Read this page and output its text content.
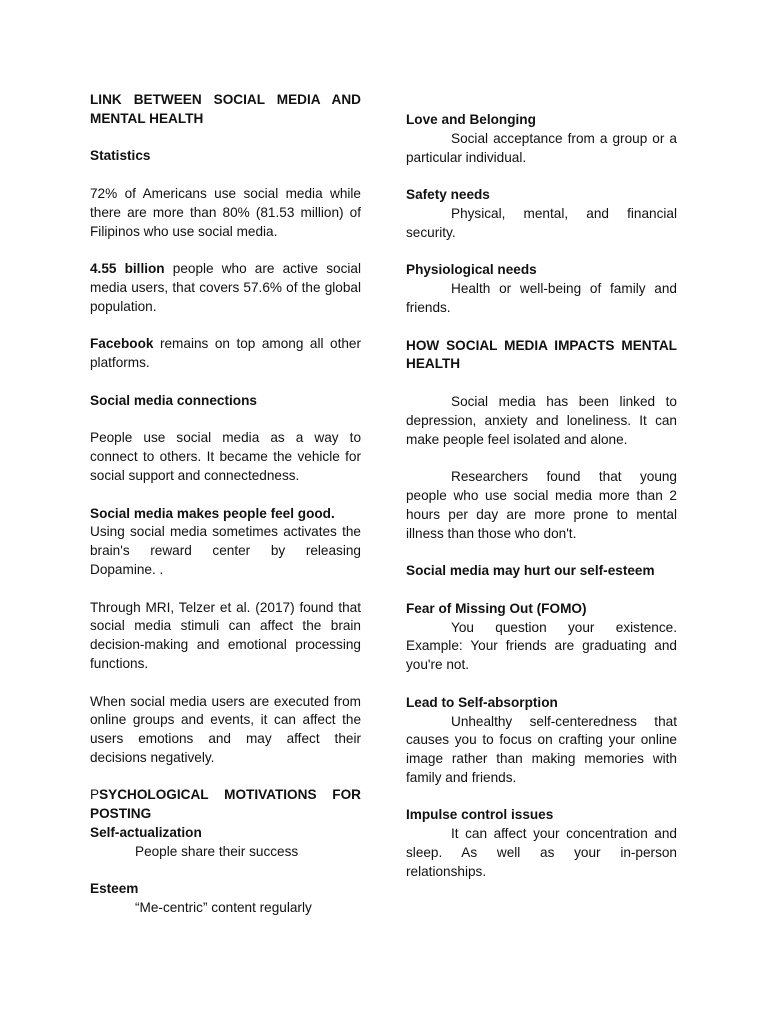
LINK BETWEEN SOCIAL MEDIA AND MENTAL HEALTH

Statistics

72% of Americans use social media while there are more than 80% (81.53 million) of Filipinos who use social media.

4.55 billion people who are active social media users, that covers 57.6% of the global population.

Facebook remains on top among all other platforms.

Social media connections

People use social media as a way to connect to others. It became the vehicle for social support and connectedness.

Social media makes people feel good.

Using social media sometimes activates the brain's reward center by releasing Dopamine. .

Through MRI, Telzer et al. (2017) found that social media stimuli can affect the brain decision-making and emotional processing functions.

When social media users are executed from online groups and events, it can affect the users emotions and may affect their decisions negatively.

PSYCHOLOGICAL MOTIVATIONS FOR POSTING

Self-actualization

People share their success

Esteem

“Me-centric” content regularly

Love and Belonging

Social acceptance from a group or a particular individual.

Safety needs

Physical, mental, and financial security.

Physiological needs

Health or well-being of family and friends.

HOW SOCIAL MEDIA IMPACTS MENTAL HEALTH

Social media has been linked to depression, anxiety and loneliness. It can make people feel isolated and alone.

Researchers found that young people who use social media more than 2 hours per day are more prone to mental illness than those who don't.

Social media may hurt our self-esteem

Fear of Missing Out (FOMO)

You question your existence. Example: Your friends are graduating and you're not.

Lead to Self-absorption

Unhealthy self-centeredness that causes you to focus on crafting your online image rather than making memories with family and friends.

Impulse control issues

It can affect your concentration and sleep. As well as your in-person relationships.
